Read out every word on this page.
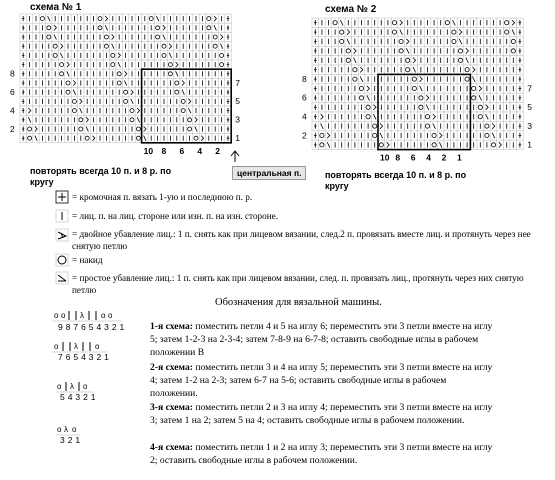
схема № 1
8
6
4
2
7
5
3
1
10 8 6 4 2
повторять всегда 10 п. и 8 р. по кругу
центральная п.
схема № 2
8
6
4
2
7
5
3
1
10 8 6 4 2 1
повторять всегда 10 п. и 8 р. по кругу
= кромочная п. вязать 1-ую и последнюю п. р.
= лиц. п. на лиц. стороне или изн. п. на изн. стороне.
= двойное убавление лиц.: 1 п. снять как при лицевом вязании, след.2 п. провязать вместе лиц. и протянуть через нее снятую петлю
= накид
= простое убавление лиц.: 1 п. снять как при лицевом вязании, след. п. провязать лиц., протянуть через них снятую петлю
Обозначения для вязальной машины.
o o λ o o
9 8 7 6 5 4 3 2 1
o λ o
7 6 5 4 3 2 1
o λ o
5 4 3 2 1
o λ o
3 2 1
1-я схема: поместить петли 4 и 5 на иглу 6; переместить эти 3 петли вместе на иглу 5; затем 1-2-3 на 2-3-4; затем 7-8-9 на 6-7-8; оставить свободные иглы в рабочем положении В
2-я схема: поместить петли 3 и 4 на иглу 5; переместить эти 3 петли вместе на иглу 4; затем 1-2 на 2-3; затем 6-7 на 5-6; оставить свободные иглы в рабочем положении.
3-я схема: поместить петли 2 и 3 на иглу 4; переместить эти 3 петли вместе на иглу 3; затем 1 на 2; затем 5 на 4; оставить свободные иглы в рабочем положении.
4-я схема: поместить петли 1 и 2 на иглу 3; переместить эти 3 петли вместе на иглу 2; оставить свободные иглы в рабочем положении.
